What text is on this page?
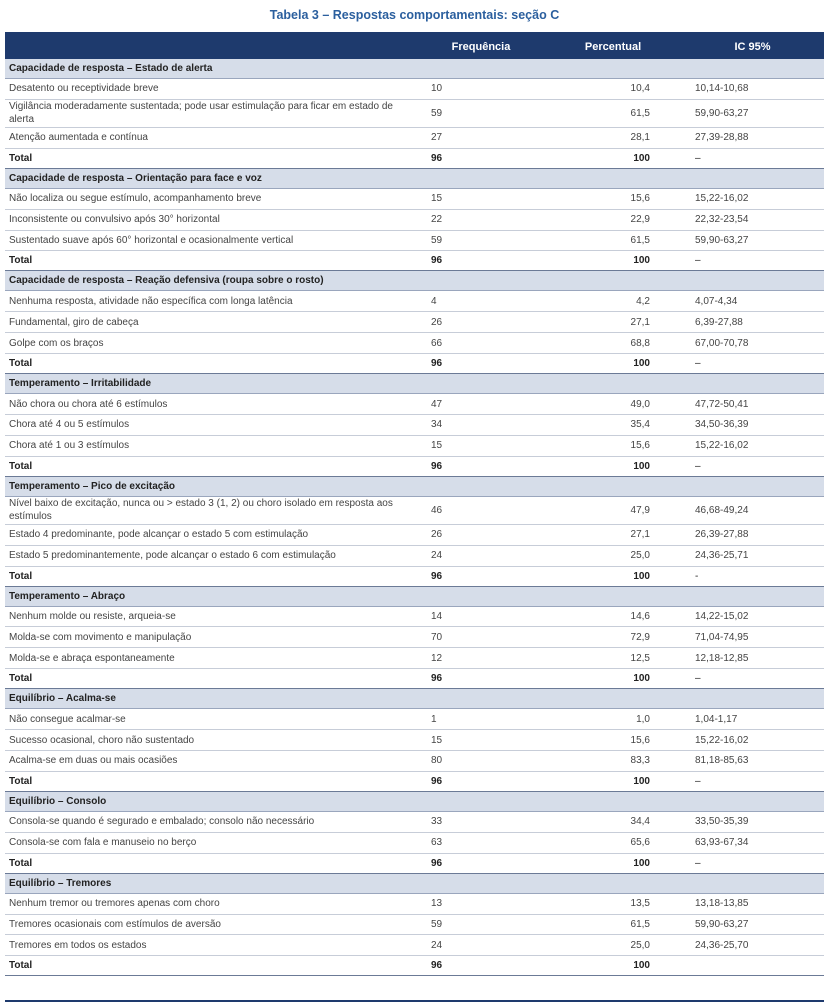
Tabela 3 – Respostas comportamentais: seção C
	Frequência	Percentual	IC 95%
Capacidade de resposta – Estado de alerta			
Desatento ou receptividade breve	10	10,4	10,14-10,68
Vigilância moderadamente sustentada; pode usar estimulação para ficar em estado de alerta	59	61,5	59,90-63,27
Atenção aumentada e contínua	27	28,1	27,39-28,88
Total	96	100	–
Capacidade de resposta – Orientação para face e voz			
Não localiza ou segue estímulo, acompanhamento breve	15	15,6	15,22-16,02
Inconsistente ou convulsivo após 30° horizontal	22	22,9	22,32-23,54
Sustentado suave após 60° horizontal e ocasionalmente vertical	59	61,5	59,90-63,27
Total	96	100	–
Capacidade de resposta – Reação defensiva (roupa sobre o rosto)			
Nenhuma resposta, atividade não específica com longa latência	4	4,2	4,07-4,34
Fundamental, giro de cabeça	26	27,1	6,39-27,88
Golpe com os braços	66	68,8	67,00-70,78
Total	96	100	–
Temperamento – Irritabilidade			
Não chora ou chora até 6 estímulos	47	49,0	47,72-50,41
Chora até 4 ou 5 estímulos	34	35,4	34,50-36,39
Chora até 1 ou 3 estímulos	15	15,6	15,22-16,02
Total	96	100	–
Temperamento – Pico de excitação			
Nível baixo de excitação, nunca ou > estado 3 (1, 2) ou choro isolado em resposta aos estímulos	46	47,9	46,68-49,24
Estado 4 predominante, pode alcançar o estado 5 com estimulação	26	27,1	26,39-27,88
Estado 5 predominantemente, pode alcançar o estado 6 com estimulação	24	25,0	24,36-25,71
Total	96	100	-
Temperamento – Abraço			
Nenhum molde ou resiste, arqueia-se	14	14,6	14,22-15,02
Molda-se com movimento e manipulação	70	72,9	71,04-74,95
Molda-se e abraça espontaneamente	12	12,5	12,18-12,85
Total	96	100	–
Equilíbrio – Acalma-se			
Não consegue acalmar-se	1	1,0	1,04-1,17
Sucesso ocasional, choro não sustentado	15	15,6	15,22-16,02
Acalma-se em duas ou mais ocasiões	80	83,3	81,18-85,63
Total	96	100	–
Equilíbrio – Consolo			
Consola-se quando é segurado e embalado; consolo não necessário	33	34,4	33,50-35,39
Consola-se com fala e manuseio no berço	63	65,6	63,93-67,34
Total	96	100	–
Equilíbrio – Tremores			
Nenhum tremor ou tremores apenas com choro	13	13,5	13,18-13,85
Tremores ocasionais com estímulos de aversão	59	61,5	59,90-63,27
Tremores em todos os estados	24	25,0	24,36-25,70
Total	96	100	
